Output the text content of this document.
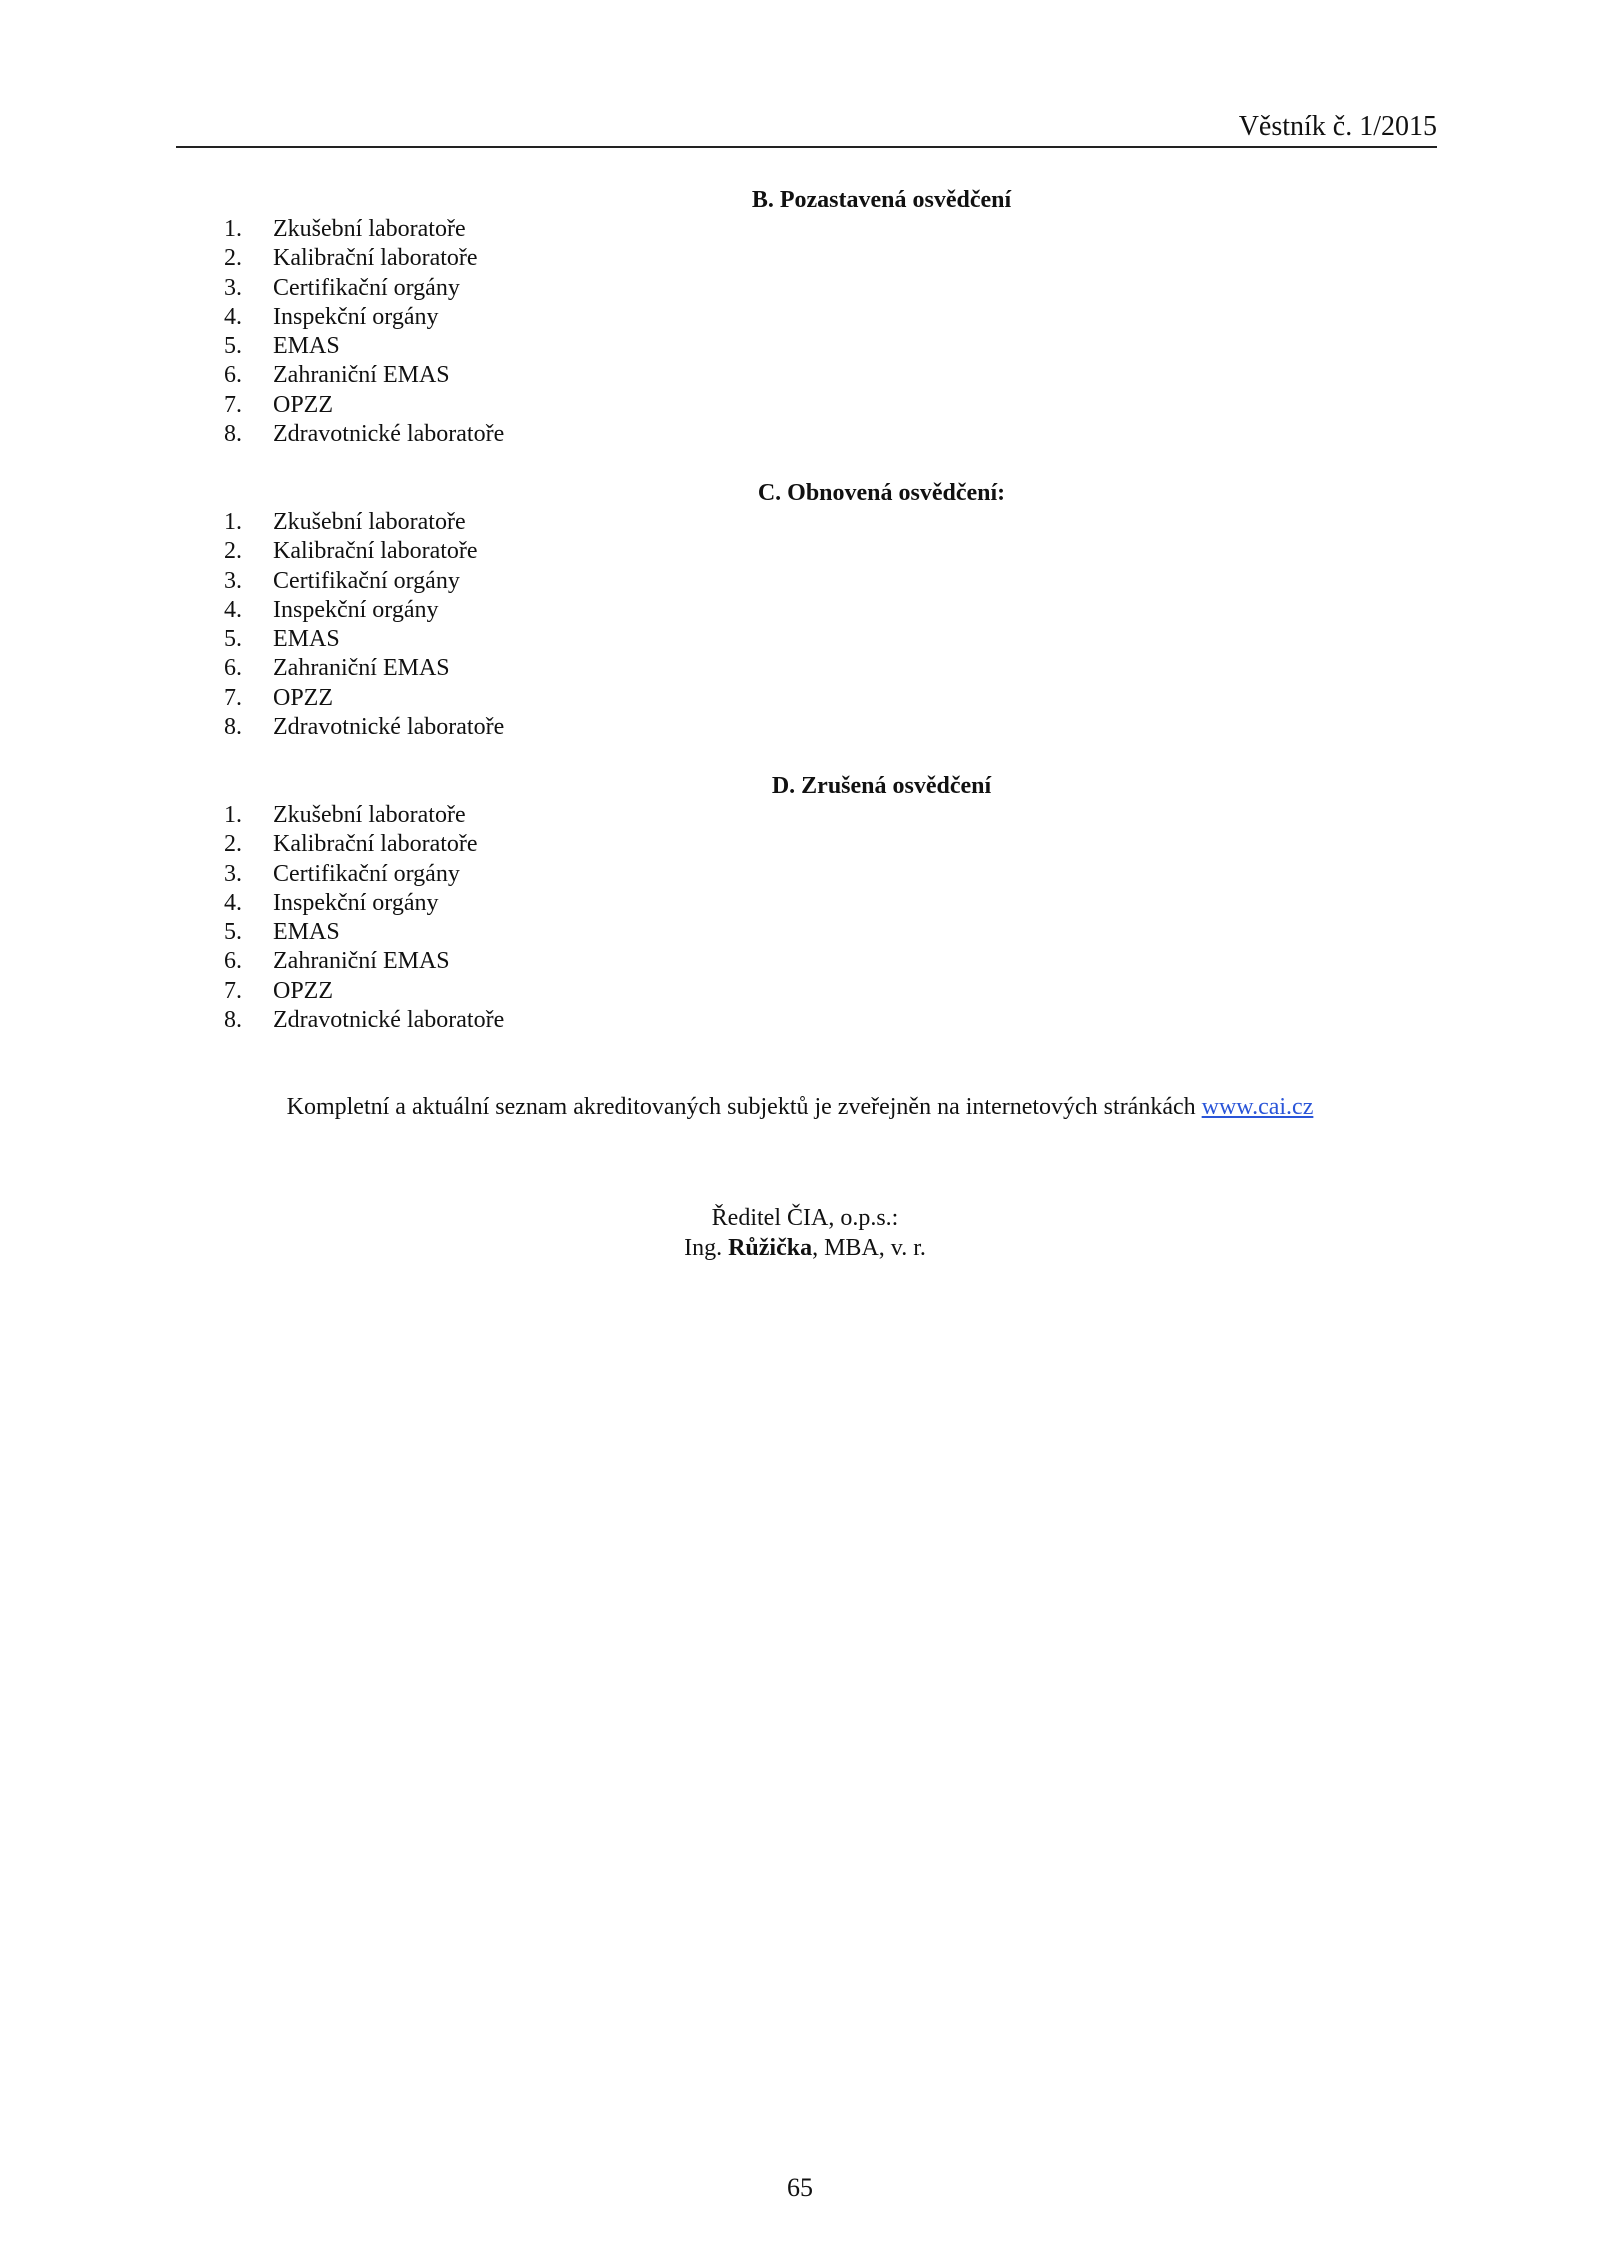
Věstník č. 1/2015
B. Pozastavená osvědčení
1.	Zkušební laboratoře
2.	Kalibrační laboratoře
3.	Certifikační orgány
4.	Inspekční orgány
5.	EMAS
6.	Zahraniční EMAS
7.	OPZZ
8.	Zdravotnické laboratoře
C. Obnovená osvědčení:
1.	Zkušební laboratoře
2.	Kalibrační laboratoře
3.	Certifikační orgány
4.	Inspekční orgány
5.	EMAS
6.	Zahraniční EMAS
7.	OPZZ
8.	Zdravotnické laboratoře
D. Zrušená osvědčení
1.	Zkušební laboratoře
2.	Kalibrační laboratoře
3.	Certifikační orgány
4.	Inspekční orgány
5.	EMAS
6.	Zahraniční EMAS
7.	OPZZ
8.	Zdravotnické laboratoře
Kompletní a aktuální seznam akreditovaných subjektů je zveřejněn na internetových stránkách www.cai.cz
Ředitel ČIA, o.p.s.:
Ing. Růžička, MBA, v. r.
65
